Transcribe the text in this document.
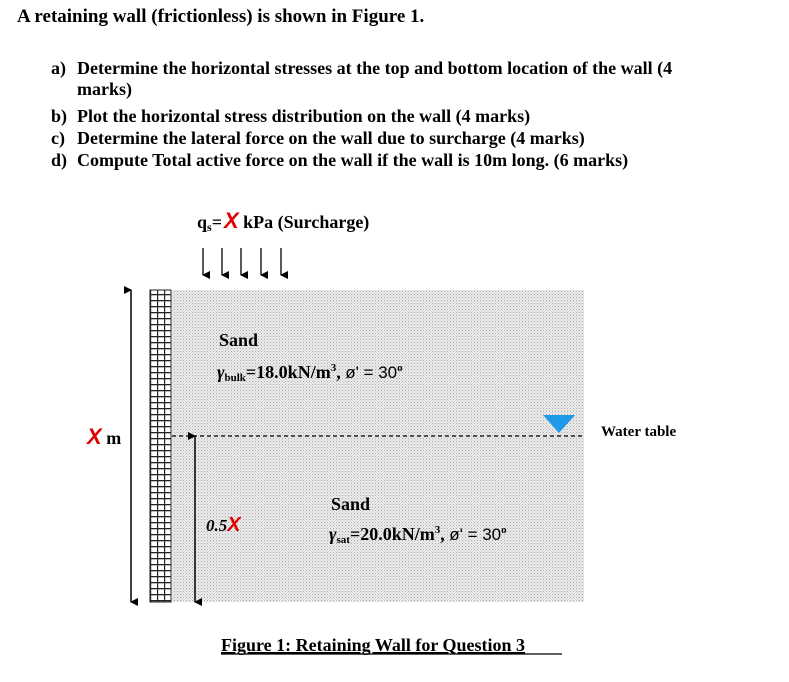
A retaining wall (frictionless) is shown in Figure 1.
a) Determine the horizontal stresses at the top and bottom location of the wall (4
marks)
b) Plot the horizontal stress distribution on the wall (4 marks)
c) Determine the lateral force on the wall due to surcharge (4 marks)
d) Compute Total active force on the wall if the wall is 10m long. (6 marks)
qs=X kPa (Surcharge)
X m
0.5X
Water table
Sand
$\gamma bulk=18.0kN/m^3$, ø' = $30^o$
Sand
$\gamma sat=20.0kN/m^3$, ø' = $30^o$
Figure 1: Retaining Wall for Question 3
